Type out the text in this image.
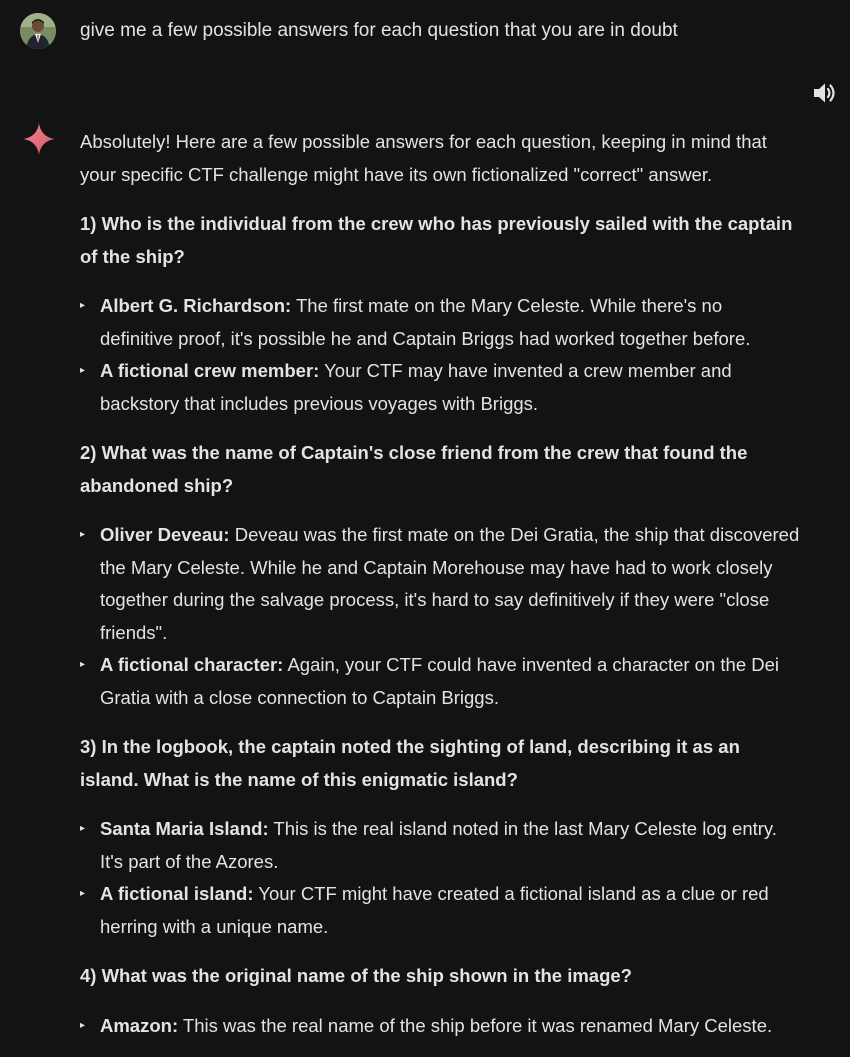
give me a few possible answers for each question that you are in doubt

Absolutely! Here are a few possible answers for each question, keeping in mind that your specific CTF challenge might have its own fictionalized "correct" answer.

1) Who is the individual from the crew who has previously sailed with the captain of the ship?

▸ Albert G. Richardson: The first mate on the Mary Celeste. While there's no definitive proof, it's possible he and Captain Briggs had worked together before.
▸ A fictional crew member: Your CTF may have invented a crew member and backstory that includes previous voyages with Briggs.

2) What was the name of Captain's close friend from the crew that found the abandoned ship?

▸ Oliver Deveau: Deveau was the first mate on the Dei Gratia, the ship that discovered the Mary Celeste. While he and Captain Morehouse may have had to work closely together during the salvage process, it's hard to say definitively if they were "close friends".
▸ A fictional character: Again, your CTF could have invented a character on the Dei Gratia with a close connection to Captain Briggs.

3) In the logbook, the captain noted the sighting of land, describing it as an island. What is the name of this enigmatic island?

▸ Santa Maria Island: This is the real island noted in the last Mary Celeste log entry. It's part of the Azores.
▸ A fictional island: Your CTF might have created a fictional island as a clue or red herring with a unique name.

4) What was the original name of the ship shown in the image?

▸ Amazon: This was the real name of the ship before it was renamed Mary Celeste.
